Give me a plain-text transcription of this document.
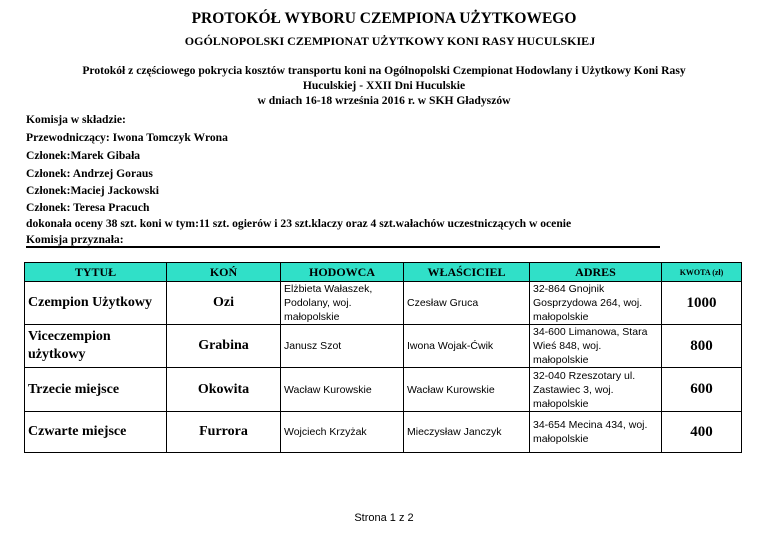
PROTOKÓŁ WYBORU CZEMPIONA UŻYTKOWEGO
OGÓLNOPOLSKI CZEMPIONAT UŻYTKOWY KONI RASY HUCULSKIEJ
Protokół z częściowego pokrycia kosztów transportu koni na Ogólnopolski Czempionat Hodowlany i Użytkowy Koni Rasy
Huculskiej - XXII Dni Huculskie
w dniach 16-18 września 2016 r. w SKH Gładyszów
Komisja w składzie:
Przewodniczący: Iwona Tomczyk Wrona
Członek:Marek Gibała
Członek: Andrzej Goraus
Członek:Maciej Jackowski
Członek: Teresa Pracuch
dokonała oceny 38 szt. koni w tym:11 szt. ogierów i 23 szt.klaczy oraz 4 szt.wałachów uczestniczących w ocenie
Komisja przyznała:
TYTUŁ	KOŃ	HODOWCA	WŁAŚCICIEL	ADRES	KWOTA (zł)
Czempion Użytkowy	Ozi	Elżbieta Wałaszek, Podolany, woj. małopolskie	Czesław Gruca	32-864 Gnojnik Gosprzydowa 264, woj. małopolskie	1000
Viceczempion użytkowy	Grabina	Janusz Szot	Iwona Wojak-Ćwik	34-600 Limanowa, Stara Wieś 848, woj. małopolskie	800
Trzecie miejsce	Okowita	Wacław Kurowskie	Wacław Kurowskie	32-040 Rzeszotary ul. Zastawiec 3, woj. małopolskie	600
Czwarte miejsce	Furrora	Wojciech Krzyżak	Mieczysław Janczyk	34-654 Mecina 434, woj. małopolskie	400
Strona 1 z 2
